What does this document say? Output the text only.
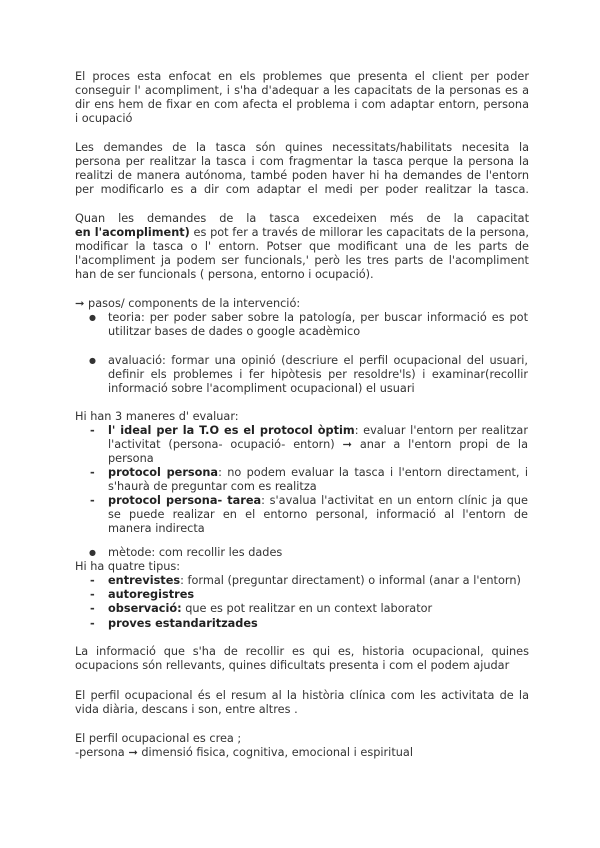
El proces esta enfocat en els problemes que presenta el client per poder
conseguir l' acompliment, i s'ha d'adequar a les capacitats de la personas es a
dir ens hem de fixar en com afecta el problema i com adaptar entorn, persona
i ocupació
Les demandes de la tasca són quines necessitats/habilitats necesita la
persona per realitzar la tasca i com fragmentar la tasca perque la persona la
realitzi de manera autónoma, també poden haver hi ha demandes de l'entorn
per modificarlo es a dir com adaptar el medi per poder realitzar la tasca.
Quan les demandes de la tasca excedeixen més de la capacitat
en l'acompliment) es pot fer a través de millorar les capacitats de la persona,
modificar la tasca o l' entorn. Potser que modificant una de les parts de
l'acompliment ja podem ser funcionals,' però les tres parts de l'acompliment
han de ser funcionals ( persona, entorno i ocupació).
➞ pasos/ components de la intervenció:
● teoria: per poder saber sobre la patología, per buscar informació es pot
utilitzar bases de dades o google acadèmico
● avaluació: formar una opinió (descriure el perfil ocupacional del usuari,
definir els problemes i fer hipòtesis per resoldre'ls) i examinar(recollir
informació sobre l'acompliment ocupacional) el usuari
Hi han 3 maneres d' evaluar:
- l' ideal per la T.O es el protocol òptim: evaluar l'entorn per realitzar
l'activitat (persona- ocupació- entorn) ➞ anar a l'entorn propi de la
persona
- protocol persona: no podem evaluar la tasca i l'entorn directament, i
s'haurà de preguntar com es realitza
- protocol persona- tarea: s'avalua l'activitat en un entorn clínic ja que
se puede realizar en el entorno personal, informació al l'entorn de
manera indirecta
● mètode: com recollir les dades
Hi ha quatre tipus:
- entrevistes: formal (preguntar directament) o informal (anar a l'entorn)
- autoregistres
- observació: que es pot realitzar en un context laborator
- proves estandaritzades
La informació que s'ha de recollir es qui es, historia ocupacional, quines
ocupacions són rellevants, quines dificultats presenta i com el podem ajudar
El perfil ocupacional és el resum al la història clínica com les activitata de la
vida diària, descans i son, entre altres .
El perfil ocupacional es crea ;
-persona ➞ dimensió fisica, cognitiva, emocional i espiritual
